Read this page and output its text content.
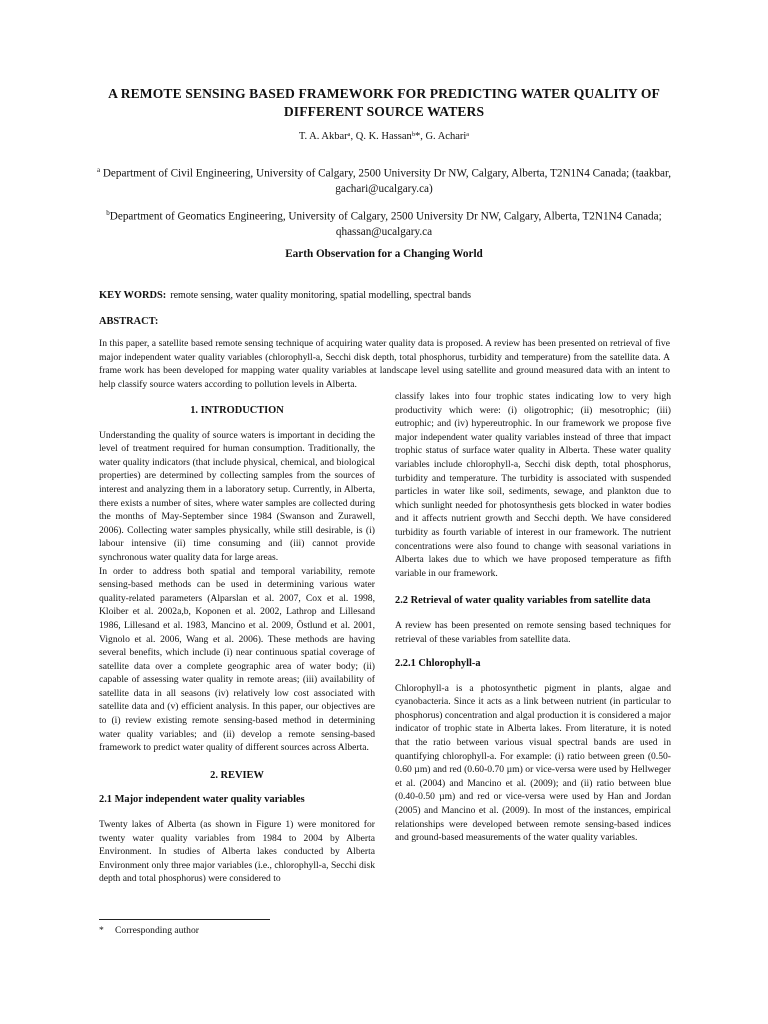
A REMOTE SENSING BASED FRAMEWORK FOR PREDICTING WATER QUALITY OF DIFFERENT SOURCE WATERS
T. A. Akbarᵃ, Q. K. Hassanᵇ*, G. Achariᵃ
$^a$ Department of Civil Engineering, University of Calgary, 2500 University Dr NW, Calgary, Alberta, T2N1N4 Canada; (taakbar, gachari@ucalgary.ca)
$^b$Department of Geomatics Engineering, University of Calgary, 2500 University Dr NW, Calgary, Alberta, T2N1N4 Canada; qhassan@ucalgary.ca
Earth Observation for a Changing World
KEY WORDS: remote sensing, water quality monitoring, spatial modelling, spectral bands
ABSTRACT:

In this paper, a satellite based remote sensing technique of acquiring water quality data is proposed. A review has been presented on retrieval of five major independent water quality variables (chlorophyll-a, Secchi disk depth, total phosphorus, turbidity and temperature) from the satellite data. A frame work has been developed for mapping water quality variables at landscape level using satellite and ground measured data with an intent to help classify source waters according to pollution levels in Alberta.

1. INTRODUCTION

Understanding the quality of source waters is important in deciding the level of treatment required for human consumption. Traditionally, the water quality indicators (that include physical, chemical, and biological properties) are determined by collecting samples from the sources of interest and analyzing them in a laboratory setup. Currently, in Alberta, there exists a number of sites, where water samples are collected during the months of May-September since 1984 (Swanson and Zurawell, 2006). Collecting water samples physically, while still desirable, is (i) labour intensive (ii) time consuming and (iii) cannot provide synchronous water quality data for large areas.

In order to address both spatial and temporal variability, remote sensing-based methods can be used in determining various water quality-related parameters (Alparslan et al. 2007, Cox et al. 1998, Kloiber et al. 2002a,b, Koponen et al. 2002, Lathrop and Lillesand 1986, Lillesand et al. 1983, Mancino et al. 2009, Östlund et al. 2001, Vignolo et al. 2006, Wang et al. 2006). These methods are having several benefits, which include (i) near continuous spatial coverage of satellite data over a complete geographic area of water body; (ii) capable of assessing water quality in remote areas; (iii) availability of satellite data in all seasons (iv) relatively low cost associated with satellite data and (v) efficient analysis. In this paper, our objectives are to (i) review existing remote sensing-based method in determining water quality variables; and (ii) develop a remote sensing-based framework to predict water quality of different sources across Alberta.

2. REVIEW
2.1 Major independent water quality variables

Twenty lakes of Alberta (as shown in Figure 1) were monitored for twenty water quality variables from 1984 to 2004 by Alberta Environment. In studies of Alberta lakes conducted by Alberta Environment only three major variables (i.e., chlorophyll-a, Secchi disk depth and total phosphorus) were considered to

classify lakes into four trophic states indicating low to very high productivity which were: (i) oligotrophic; (ii) mesotrophic; (iii) eutrophic; and (iv) hypereutrophic. In our framework we propose five major independent water quality variables instead of three that impact trophic status of surface water quality in Alberta. These water quality variables include chlorophyll-a, Secchi disk depth, total phosphorus, turbidity and temperature. The turbidity is associated with suspended particles in water like soil, sediments, sewage, and plankton due to which sunlight needed for photosynthesis gets blocked in water bodies and it affects nutrient growth and Secchi depth. We have considered turbidity as fourth variable of interest in our framework. The nutrient concentrations were also found to change with seasonal variations in Alberta lakes due to which we have proposed temperature as fifth variable in our framework.

2.2 Retrieval of water quality variables from satellite data

A review has been presented on remote sensing based techniques for retrieval of these variables from satellite data.

2.2.1 Chlorophyll-a

Chlorophyll-a is a photosynthetic pigment in plants, algae and cyanobacteria. Since it acts as a link between nutrient (in particular to phosphorus) concentration and algal production it is considered a major indicator of trophic state in Alberta lakes. From literature, it is noted that the ratio between various visual spectral bands are used in quantifying chlorophyll-a. For example: (i) ratio between green (0.50-0.60 µm) and red (0.60-0.70 µm) or vice-versa were used by Hellweger et al. (2004) and Mancino et al. (2009); and (ii) ratio between blue (0.40-0.50 µm) and red or vice-versa were used by Han and Jordan (2005) and Mancino et al. (2009). In most of the instances, empirical relationships were developed between remote sensing-based indices and ground-based measurements of the water quality variables.

* Corresponding author
